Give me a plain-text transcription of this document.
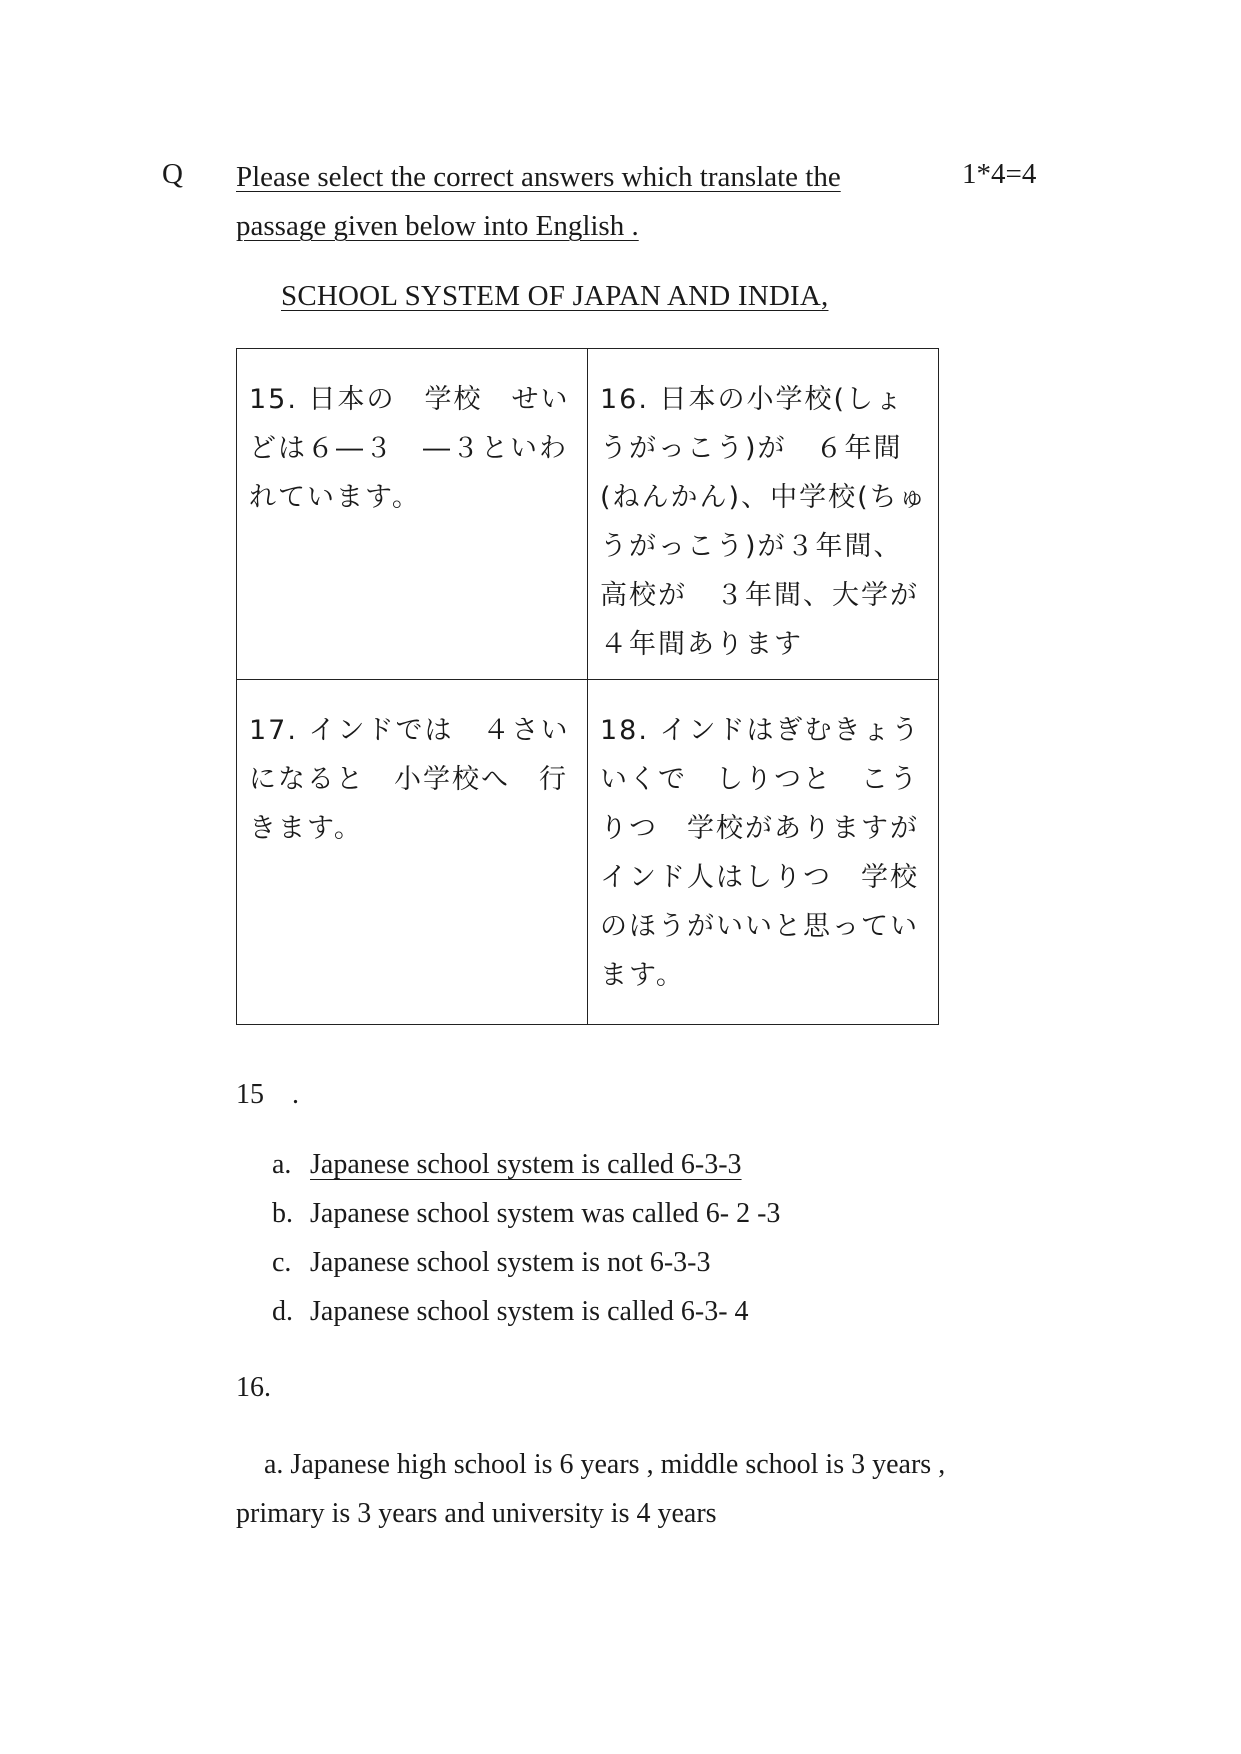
Q Please select the correct answers which translate the
passage given below into English .
1*4=4
SCHOOL SYSTEM OF JAPAN AND INDIA,
15. 日本の　学校　せいどは６―３　―３といわれています。	16. 日本の小学校(しょうがっこう)が　６年間(ねんかん)、中学校(ちゅうがっこう)が３年間、高校が　３年間、大学が４年間あります
17. インドでは　４さいになると　小学校へ　行きます。	18. インドはぎむきょういくで　しりつと　こうりつ　学校がありますがインド人はしりつ　学校のほうがいいと思っています。
15　.
a. Japanese school system is called 6-3-3
b. Japanese school system was called 6- 2 -3
c. Japanese school system is not 6-3-3
d. Japanese school system is called 6-3- 4
16.
a. Japanese high school is 6 years , middle school is 3 years , primary is 3 years and university is 4 years
